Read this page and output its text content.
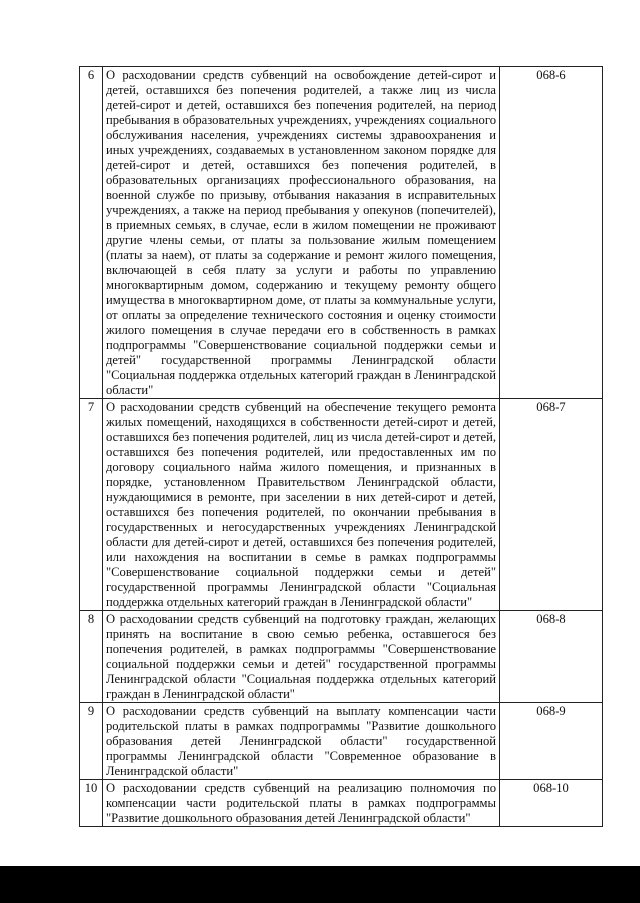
6	О расходовании средств субвенций на освобождение детей-сирот и детей, оставшихся без попечения родителей, а также лиц из числа детей-сирот и детей, оставшихся без попечения родителей, на период пребывания в образовательных учреждениях, учреждениях социального обслуживания населения, учреждениях системы здравоохранения и иных учреждениях, создаваемых в установленном законом порядке для детей-сирот и детей, оставшихся без попечения родителей, в образовательных организациях профессионального образования, на военной службе по призыву, отбывания наказания в исправительных учреждениях, а также на период пребывания у опекунов (попечителей), в приемных семьях, в случае, если в жилом помещении не проживают другие члены семьи, от платы за пользование жилым помещением (платы за наем), от платы за содержание и ремонт жилого помещения, включающей в себя плату за услуги и работы по управлению многоквартирным домом, содержанию и текущему ремонту общего имущества в многоквартирном доме, от платы за коммунальные услуги, от оплаты за определение технического состояния и оценку стоимости жилого помещения в случае передачи его в собственность в рамках подпрограммы "Совершенствование социальной поддержки семьи и детей" государственной программы Ленинградской области "Социальная поддержка отдельных категорий граждан в Ленинградской области"	068-6
7	О расходовании средств субвенций на обеспечение текущего ремонта жилых помещений, находящихся в собственности детей-сирот и детей, оставшихся без попечения родителей, лиц из числа детей-сирот и детей, оставшихся без попечения родителей, или предоставленных им по договору социального найма жилого помещения, и признанных в порядке, установленном Правительством Ленинградской области, нуждающимися в ремонте, при заселении в них детей-сирот и детей, оставшихся без попечения родителей, по окончании пребывания в государственных и негосударственных учреждениях Ленинградской области для детей-сирот и детей, оставшихся без попечения родителей, или нахождения на воспитании в семье в рамках подпрограммы "Совершенствование социальной поддержки семьи и детей" государственной программы Ленинградской области "Социальная поддержка отдельных категорий граждан в Ленинградской области"	068-7
8	О расходовании средств субвенций на подготовку граждан, желающих принять на воспитание в свою семью ребенка, оставшегося без попечения родителей, в рамках подпрограммы "Совершенствование социальной поддержки семьи и детей" государственной программы Ленинградской области "Социальная поддержка отдельных категорий граждан в Ленинградской области"	068-8
9	О расходовании средств субвенций на выплату компенсации части родительской платы в рамках подпрограммы "Развитие дошкольного образования детей Ленинградской области" государственной программы Ленинградской области "Современное образование в Ленинградской области"	068-9
10	О расходовании средств субвенций на реализацию полномочия по компенсации части родительской платы в рамках подпрограммы "Развитие дошкольного образования детей Ленинградской области"	068-10
